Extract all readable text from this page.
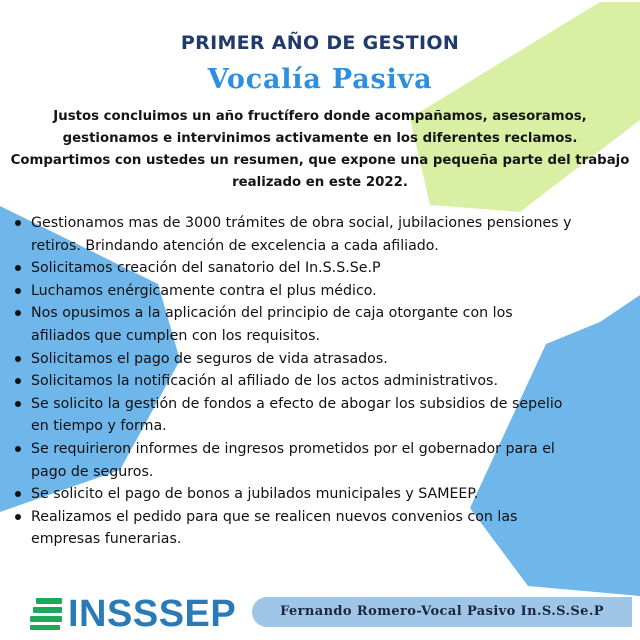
PRIMER AÑO DE GESTION
Vocalía Pasiva
Justos concluimos un año fructífero donde acompañamos, asesoramos,
gestionamos e intervinimos activamente en los diferentes reclamos.
Compartimos con ustedes un resumen, que expone una pequeña parte del trabajo
realizado en este 2022.
Gestionamos mas de 3000 trámites de obra social, jubilaciones pensiones y
retiros. Brindando atención de excelencia a cada afiliado.
Solicitamos creación del sanatorio del In.S.S.Se.P
Luchamos enérgicamente contra el plus médico.
Nos opusimos a la aplicación del principio de caja otorgante con los
afiliados que cumplen con los requisitos.
Solicitamos el pago de seguros de vida atrasados.
Solicitamos la notificación al afiliado de los actos administrativos.
Se solicito la gestión de fondos a efecto de abogar los subsidios de sepelio
en tiempo y forma.
Se requirieron informes de ingresos prometidos por el gobernador para el
pago de seguros.
Se solicito el pago de bonos a jubilados municipales y SAMEEP.
Realizamos el pedido para que se realicen nuevos convenios con las
empresas funerarias.
INSSSEP	Fernando Romero-Vocal Pasivo In.S.S.Se.P
